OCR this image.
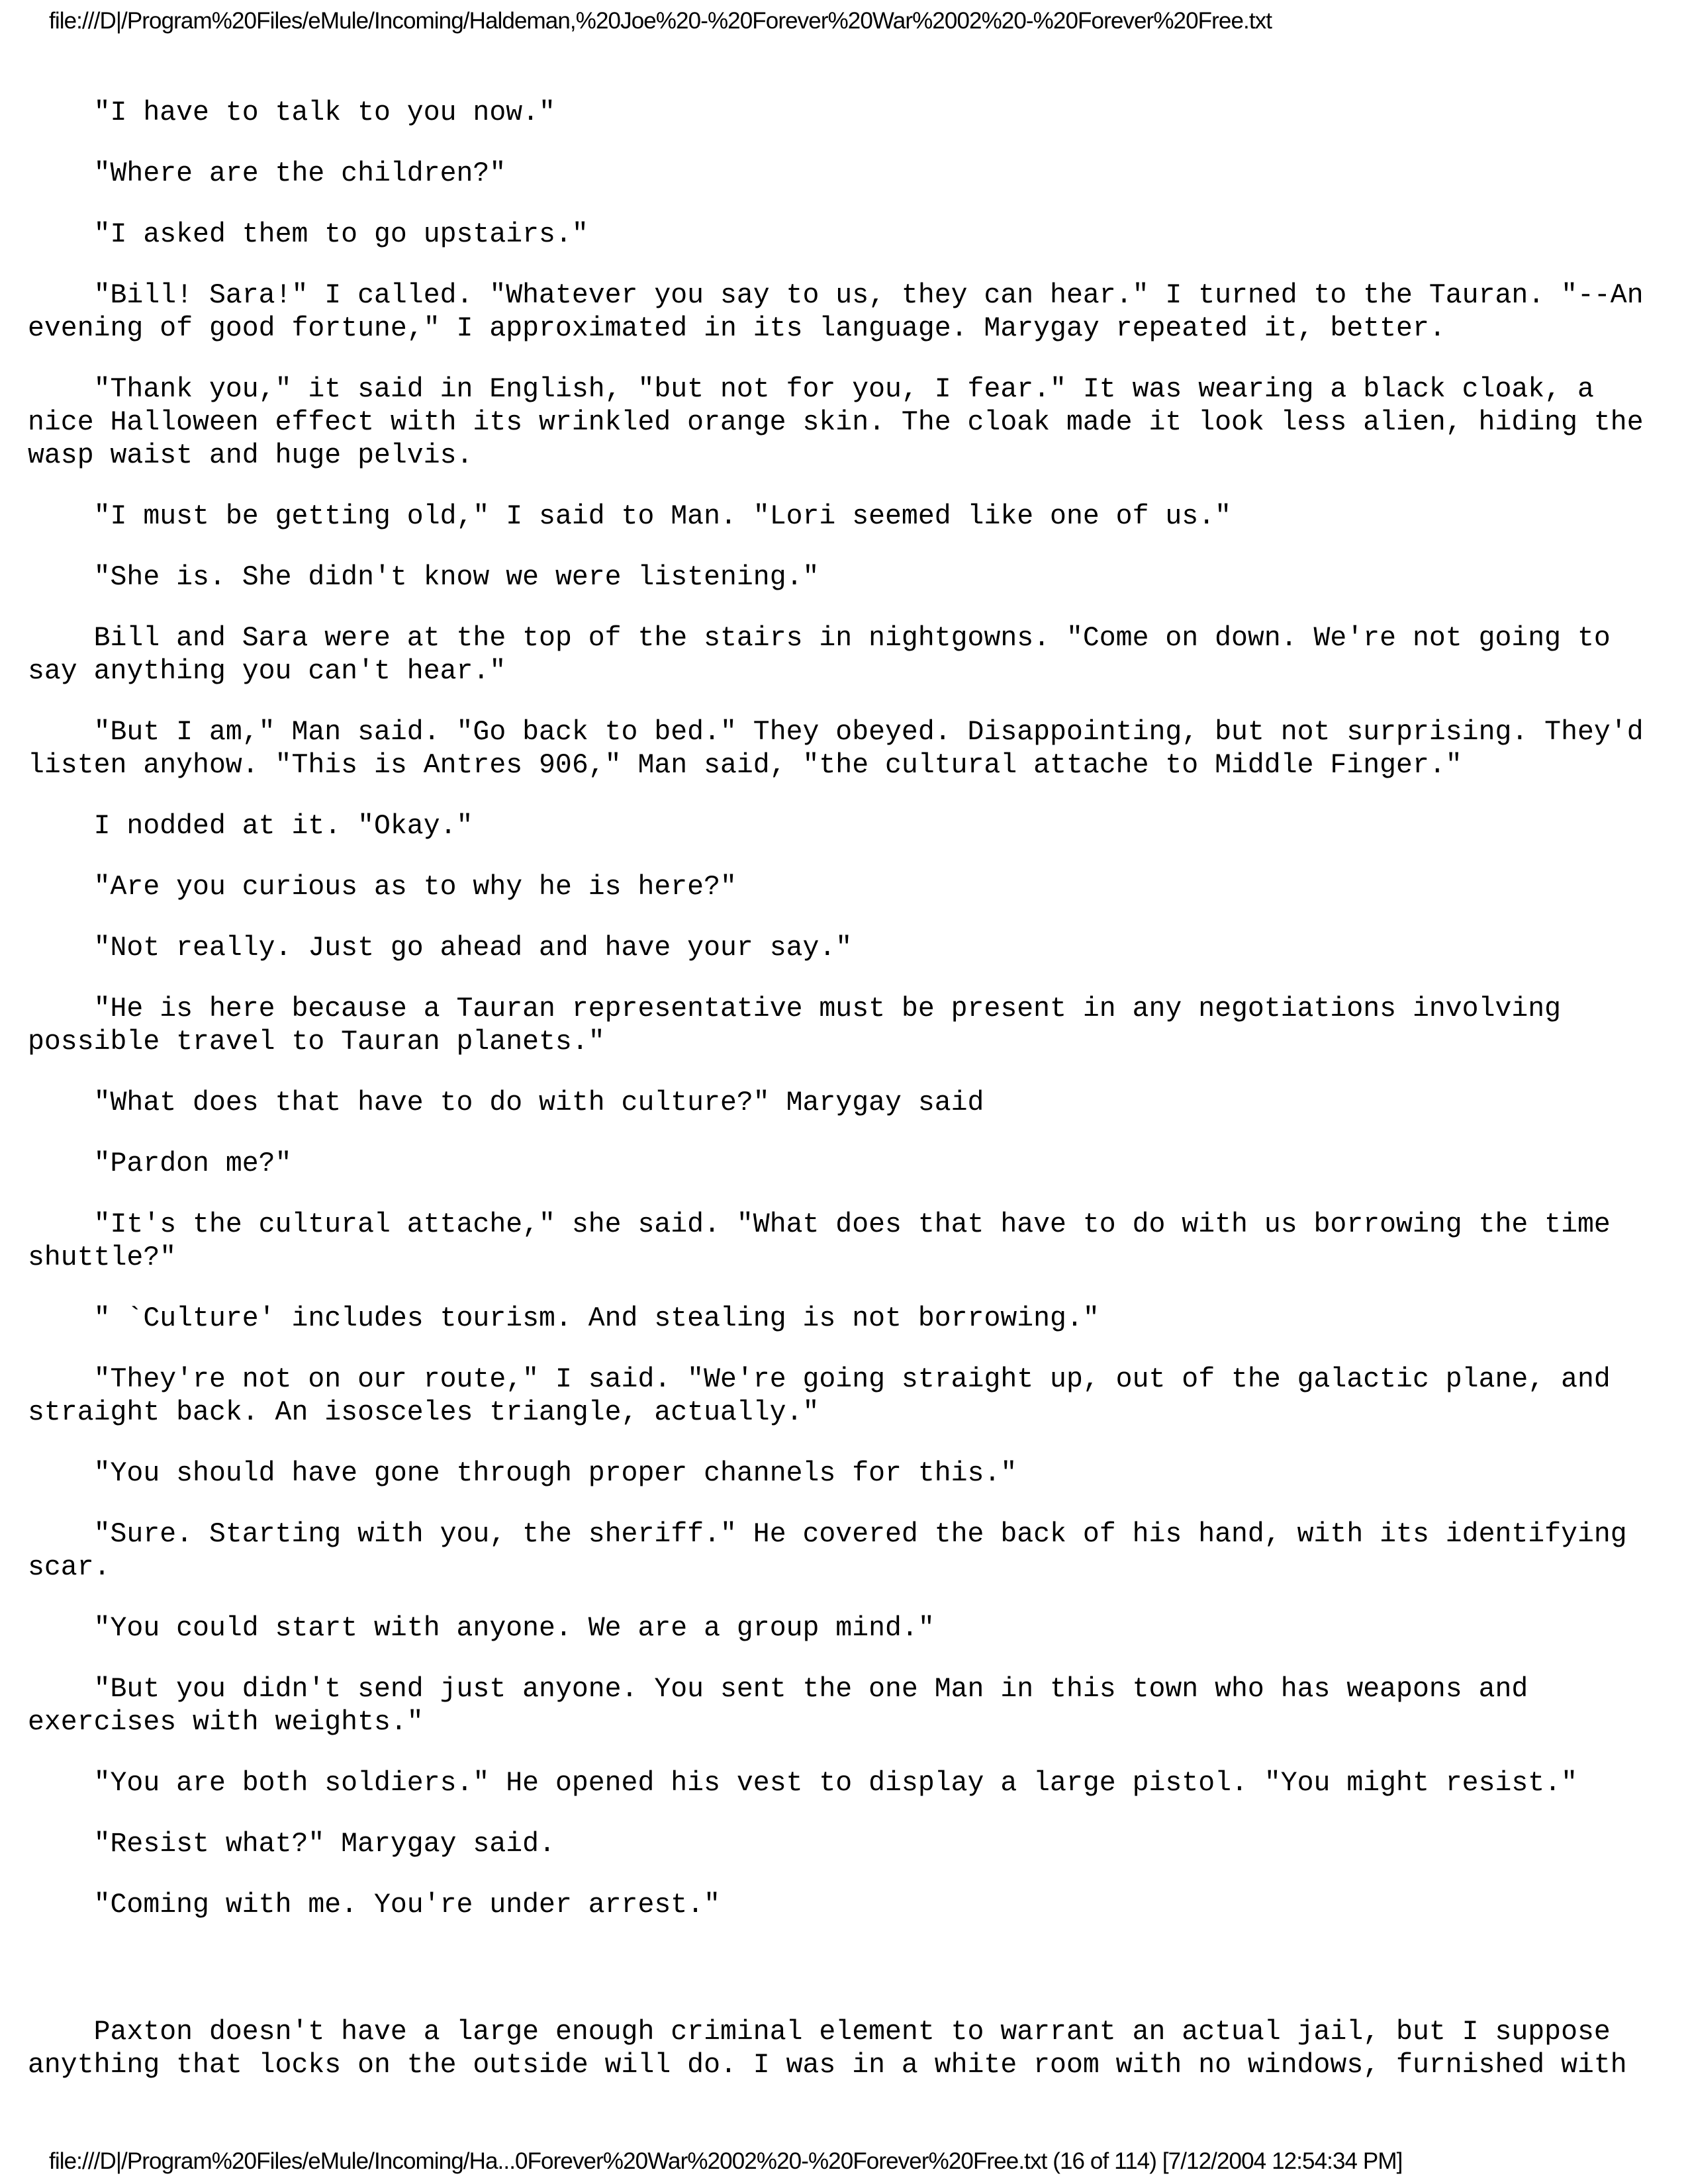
file:///D|/Program%20Files/eMule/Incoming/Haldeman,%20Joe%20-%20Forever%20War%2002%20-%20Forever%20Free.txt

"I have to talk to you now."

"Where are the children?"

"I asked them to go upstairs."

"Bill! Sara!" I called. "Whatever you say to us, they can hear." I turned to the Tauran. "--An evening of good fortune," I approximated in its language. Marygay repeated it, better.

"Thank you," it said in English, "but not for you, I fear." It was wearing a black cloak, a nice Halloween effect with its wrinkled orange skin. The cloak made it look less alien, hiding the wasp waist and huge pelvis.

"I must be getting old," I said to Man. "Lori seemed like one of us."

"She is. She didn't know we were listening."

Bill and Sara were at the top of the stairs in nightgowns. "Come on down. We're not going to say anything you can't hear."

"But I am," Man said. "Go back to bed." They obeyed. Disappointing, but not surprising. They'd listen anyhow. "This is Antres 906," Man said, "the cultural attache to Middle Finger."

I nodded at it. "Okay."

"Are you curious as to why he is here?"

"Not really. Just go ahead and have your say."

"He is here because a Tauran representative must be present in any negotiations involving possible travel to Tauran planets."

"What does that have to do with culture?" Marygay said

"Pardon me?"

"It's the cultural attache," she said. "What does that have to do with us borrowing the time shuttle?"

" `Culture' includes tourism. And stealing is not borrowing."

"They're not on our route," I said. "We're going straight up, out of the galactic plane, and straight back. An isosceles triangle, actually."

"You should have gone through proper channels for this."

"Sure. Starting with you, the sheriff." He covered the back of his hand, with its identifying scar.

"You could start with anyone. We are a group mind."

"But you didn't send just anyone. You sent the one Man in this town who has weapons and exercises with weights."

"You are both soldiers." He opened his vest to display a large pistol. "You might resist."

"Resist what?" Marygay said.

"Coming with me. You're under arrest."

Paxton doesn't have a large enough criminal element to warrant an actual jail, but I suppose anything that locks on the outside will do. I was in a white room with no windows, furnished with

file:///D|/Program%20Files/eMule/Incoming/Ha...0Forever%20War%2002%20-%20Forever%20Free.txt (16 of 114) [7/12/2004 12:54:34 PM]
